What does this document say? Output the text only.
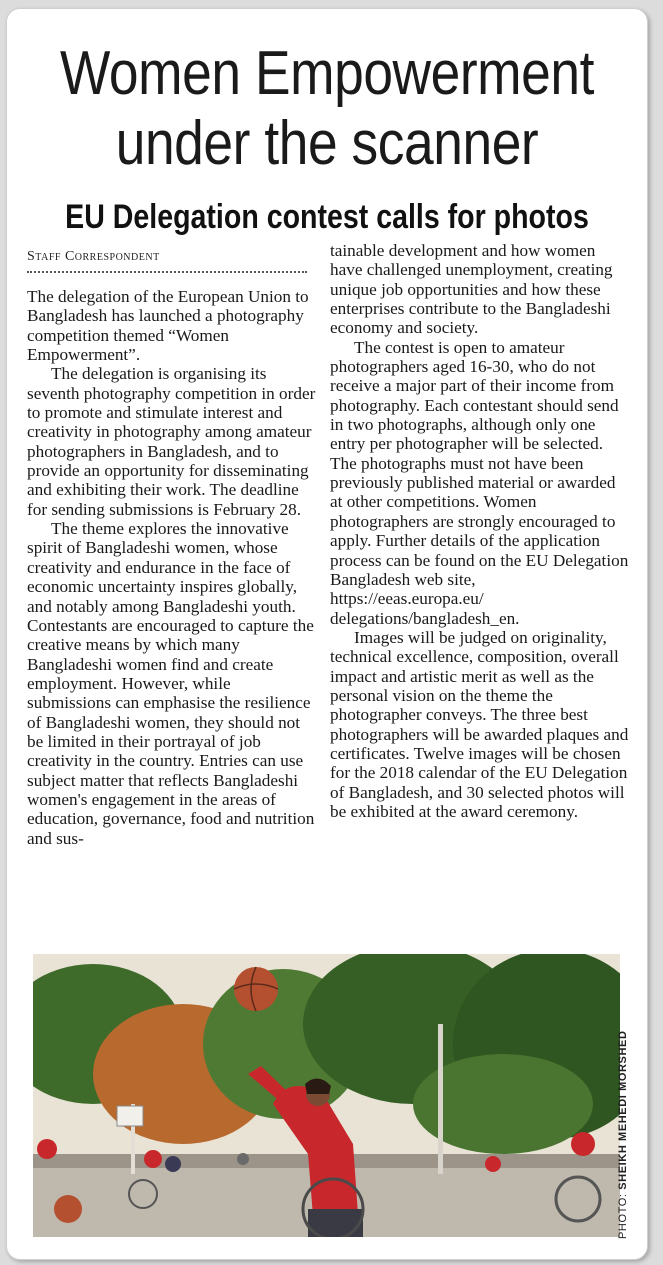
Women Empowerment
under the scanner
EU Delegation contest calls for photos
Staff Correspondent

The delegation of the European Union to Bangladesh has launched a photography competition themed “Women Empowerment”.

The delegation is organising its seventh photography competition in order to promote and stimulate interest and creativity in photography among amateur photographers in Bangladesh, and to provide an opportunity for disseminating and exhibiting their work. The deadline for sending submissions is February 28.

The theme explores the innovative spirit of Bangladeshi women, whose creativity and endurance in the face of economic uncertainty inspires globally, and notably among Bangladeshi youth. Contestants are encouraged to capture the creative means by which many Bangladeshi women find and create employment. However, while submissions can emphasise the resilience of Bangladeshi women, they should not be limited in their portrayal of job creativity in the country. Entries can use subject matter that reflects Bangladeshi women's engagement in the areas of education, governance, food and nutrition and sus-

tainable development and how women have challenged unemployment, creating unique job opportunities and how these enterprises contribute to the Bangladeshi economy and society.

The contest is open to amateur photographers aged 16-30, who do not receive a major part of their income from photography. Each contestant should send in two photographs, although only one entry per photographer will be selected. The photographs must not have been previously published material or awarded at other competitions. Women photographers are strongly encouraged to apply. Further details of the application process can be found on the EU Delegation Bangladesh web site, https://eeas.europa.eu/ delegations/bangladesh_en.

Images will be judged on originality, technical excellence, composition, overall impact and artistic merit as well as the personal vision on the theme the photographer conveys. The three best photographers will be awarded plaques and certificates. Twelve images will be chosen for the 2018 calendar of the EU Delegation of Bangladesh, and 30 selected photos will be exhibited at the award ceremony.

PHOTO: SHEIKH MEHEDI MORSHED
